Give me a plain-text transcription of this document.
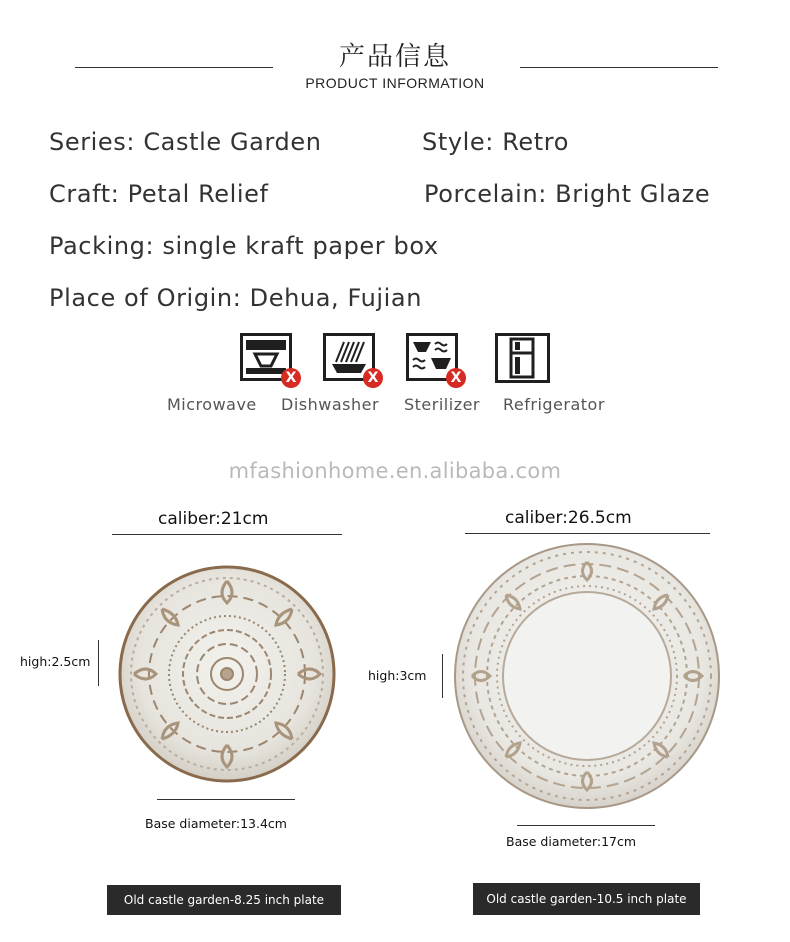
产品信息
PRODUCT INFORMATION
Series: Castle Garden	Style: Retro
Craft: Petal Relief	Porcelain: Bright Glaze
Packing: single kraft paper box
Place of Origin: Dehua, Fujian
X	X	X
Microwave Dishwasher Sterilizer Refrigerator
mfashionhome.en.alibaba.com
caliber:21cm
high:2.5cm
Base diameter:13.4cm
Old castle garden-8.25 inch plate
caliber:26.5cm
high:3cm
Base diameter:17cm
Old castle garden-10.5 inch plate
